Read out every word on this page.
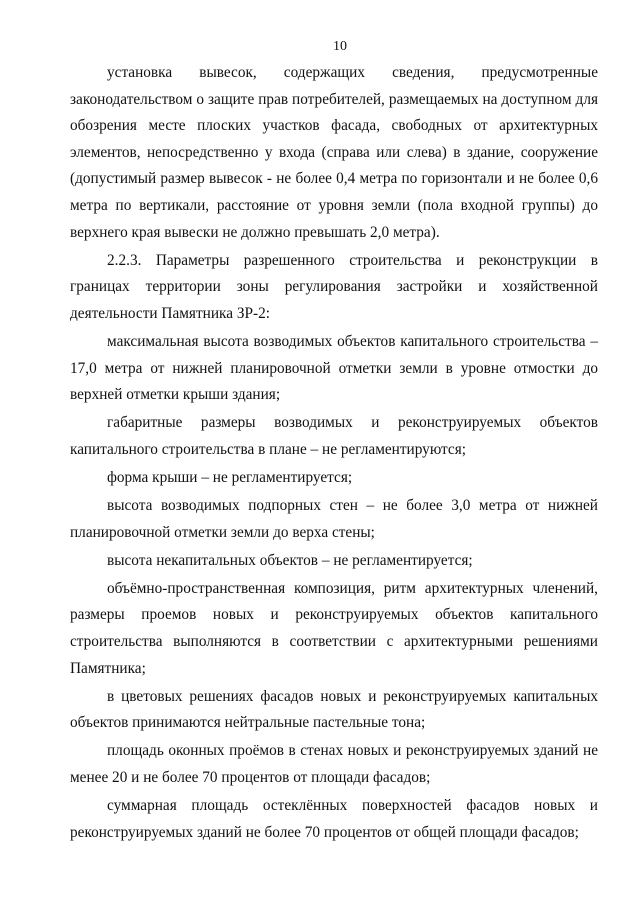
10

установка вывесок, содержащих сведения, предусмотренные законодательством о защите прав потребителей, размещаемых на доступном для обозрения месте плоских участков фасада, свободных от архитектурных элементов, непосредственно у входа (справа или слева) в здание, сооружение (допустимый размер вывесок - не более 0,4 метра по горизонтали и не более 0,6 метра по вертикали, расстояние от уровня земли (пола входной группы) до верхнего края вывески не должно превышать 2,0 метра).

2.2.3. Параметры разрешенного строительства и реконструкции в границах территории зоны регулирования застройки и хозяйственной деятельности Памятника ЗР-2:

максимальная высота возводимых объектов капитального строительства – 17,0 метра от нижней планировочной отметки земли в уровне отмостки до верхней отметки крыши здания;

габаритные размеры возводимых и реконструируемых объектов капитального строительства в плане – не регламентируются;

форма крыши – не регламентируется;

высота возводимых подпорных стен – не более 3,0 метра от нижней планировочной отметки земли до верха стены;

высота некапитальных объектов – не регламентируется;

объёмно-пространственная композиция, ритм архитектурных членений, размеры проемов новых и реконструируемых объектов капитального строительства выполняются в соответствии с архитектурными решениями Памятника;

в цветовых решениях фасадов новых и реконструируемых капитальных объектов принимаются нейтральные пастельные тона;

площадь оконных проёмов в стенах новых и реконструируемых зданий не менее 20 и не более 70 процентов от площади фасадов;

суммарная площадь остеклённых поверхностей фасадов новых и реконструируемых зданий не более 70 процентов от общей площади фасадов;
